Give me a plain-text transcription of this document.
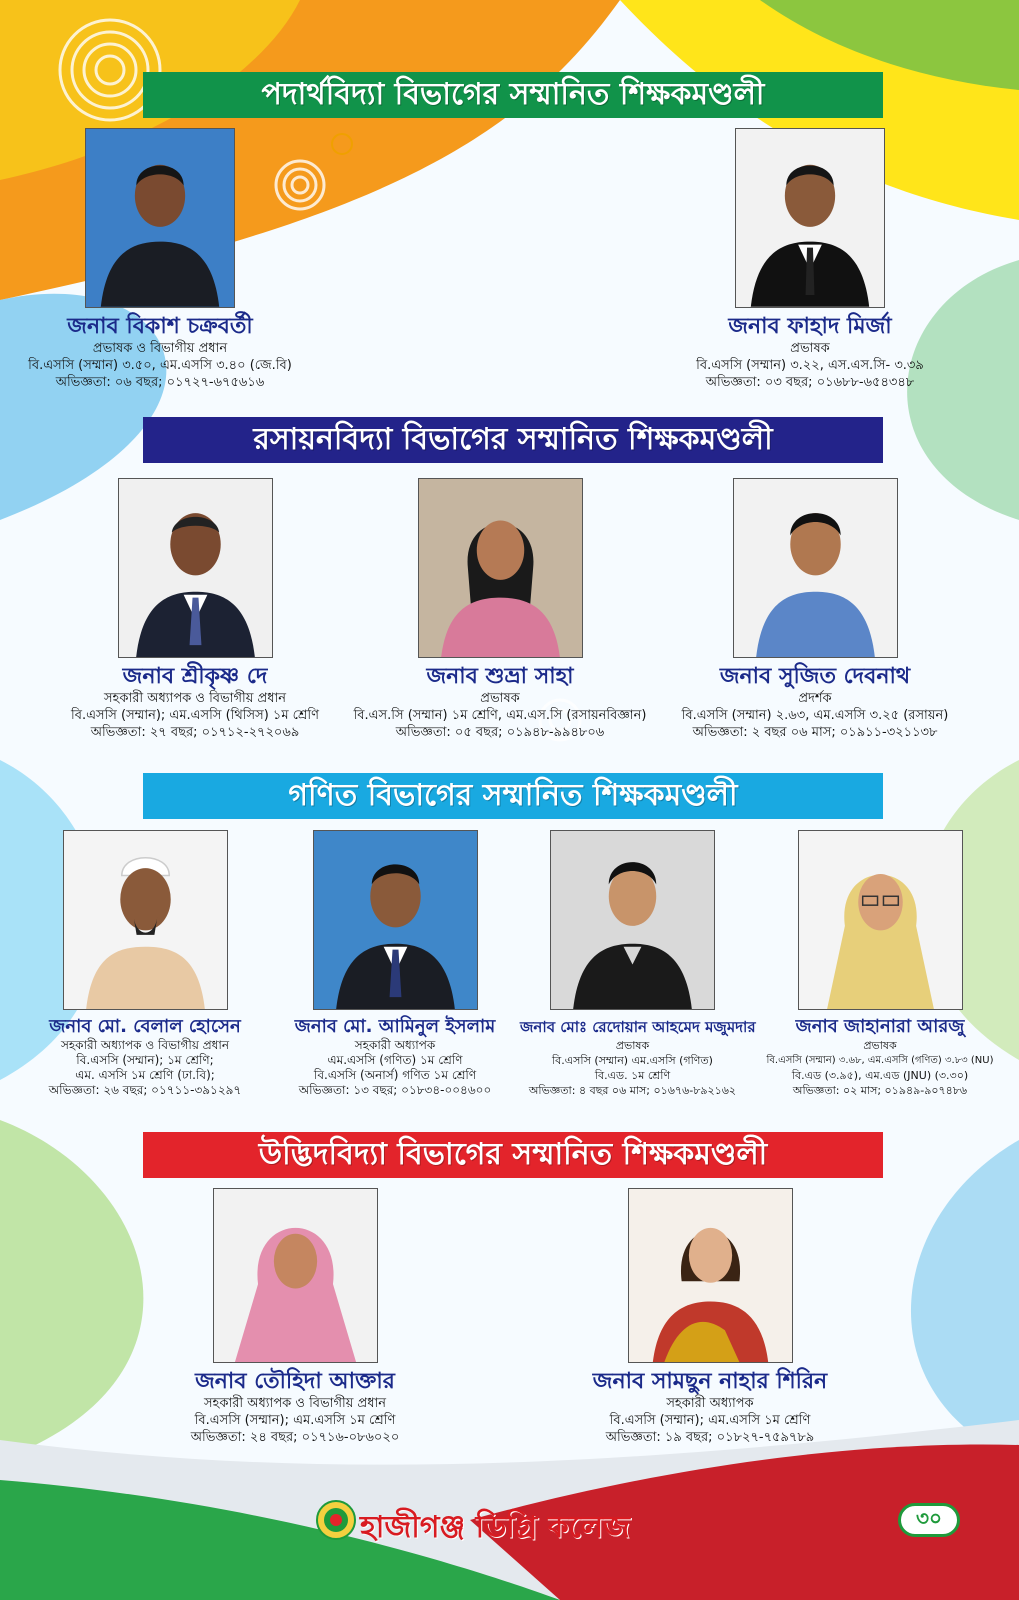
পদার্থবিদ্যা বিভাগের সম্মানিত শিক্ষকমণ্ডলী
জনাব বিকাশ চক্রবর্তী
প্রভাষক ও বিভাগীয় প্রধান
বি.এসসি (সম্মান) ৩.৫০, এম.এসসি ৩.৪০ (জে.বি)
অভিজ্ঞতা: ০৬ বছর; ০১৭২৭-৬৭৫৬১৬
জনাব ফাহাদ মির্জা
প্রভাষক
বি.এসসি (সম্মান) ৩.২২, এস.এস.সি- ৩.৩৯
অভিজ্ঞতা: ০৩ বছর; ০১৬৮৮-৬৫৪৩৪৮
রসায়নবিদ্যা বিভাগের সম্মানিত শিক্ষকমণ্ডলী
জনাব শ্রীকৃষ্ণ দে
সহকারী অধ্যাপক ও বিভাগীয় প্রধান
বি.এসসি (সম্মান); এম.এসসি (থিসিস) ১ম শ্রেণি
অভিজ্ঞতা: ২৭ বছর; ০১৭১২-২৭২০৬৯
জনাব শুভ্রা সাহা
প্রভাষক
বি.এস.সি (সম্মান) ১ম শ্রেণি, এম.এস.সি (রসায়নবিজ্ঞান)
অভিজ্ঞতা: ০৫ বছর; ০১৯৪৮-৯৯৪৮০৬
জনাব সুজিত দেবনাথ
প্রদর্শক
বি.এসসি (সম্মান) ২.৬৩, এম.এসসি ৩.২৫ (রসায়ন)
অভিজ্ঞতা: ২ বছর ০৬ মাস; ০১৯১১-৩২১১৩৮
গণিত বিভাগের সম্মানিত শিক্ষকমণ্ডলী
জনাব মো. বেলাল হোসেন
সহকারী অধ্যাপক ও বিভাগীয় প্রধান
বি.এসসি (সম্মান); ১ম শ্রেণি;
এম. এসসি ১ম শ্রেণি (ঢা.বি);
অভিজ্ঞতা: ২৬ বছর; ০১৭১১-৩৯১২৯৭
জনাব মো. আমিনুল ইসলাম
সহকারী অধ্যাপক
এম.এসসি (গণিত) ১ম শ্রেণি
বি.এসসি (অনার্স) গণিত ১ম শ্রেণি
অভিজ্ঞতা: ১৩ বছর; ০১৮৩৪-০০৪৬০০
জনাব মোঃ রেদোয়ান আহমেদ মজুমদার
প্রভাষক
বি.এসসি (সম্মান) এম.এসসি (গণিত)
বি.এড. ১ম শ্রেণি
অভিজ্ঞতা: ৪ বছর ০৬ মাস; ০১৬৭৬-৮৯২১৬২
জনাব জাহানারা আরজু
প্রভাষক
বি.এসসি (সম্মান) ৩.৬৮, এম.এসসি (গণিত) ৩.৮৩ (NU)
বি.এড (৩.৯৫), এম.এড (JNU) (৩.৩০)
অভিজ্ঞতা: ০২ মাস; ০১৯৪৯-৯০৭৪৮৬
উদ্ভিদবিদ্যা বিভাগের সম্মানিত শিক্ষকমণ্ডলী
জনাব তৌহিদা আক্তার
সহকারী অধ্যাপক ও বিভাগীয় প্রধান
বি.এসসি (সম্মান); এম.এসসি ১ম শ্রেণি
অভিজ্ঞতা: ২৪ বছর; ০১৭১৬-০৮৬০২০
জনাব সামছুন নাহার শিরিন
সহকারী অধ্যাপক
বি.এসসি (সম্মান); এম.এসসি ১ম শ্রেণি
অভিজ্ঞতা: ১৯ বছর; ০১৮২৭-৭৫৯৭৮৯
হাজীগঞ্জ ডিগ্রি কলেজ	৩০
